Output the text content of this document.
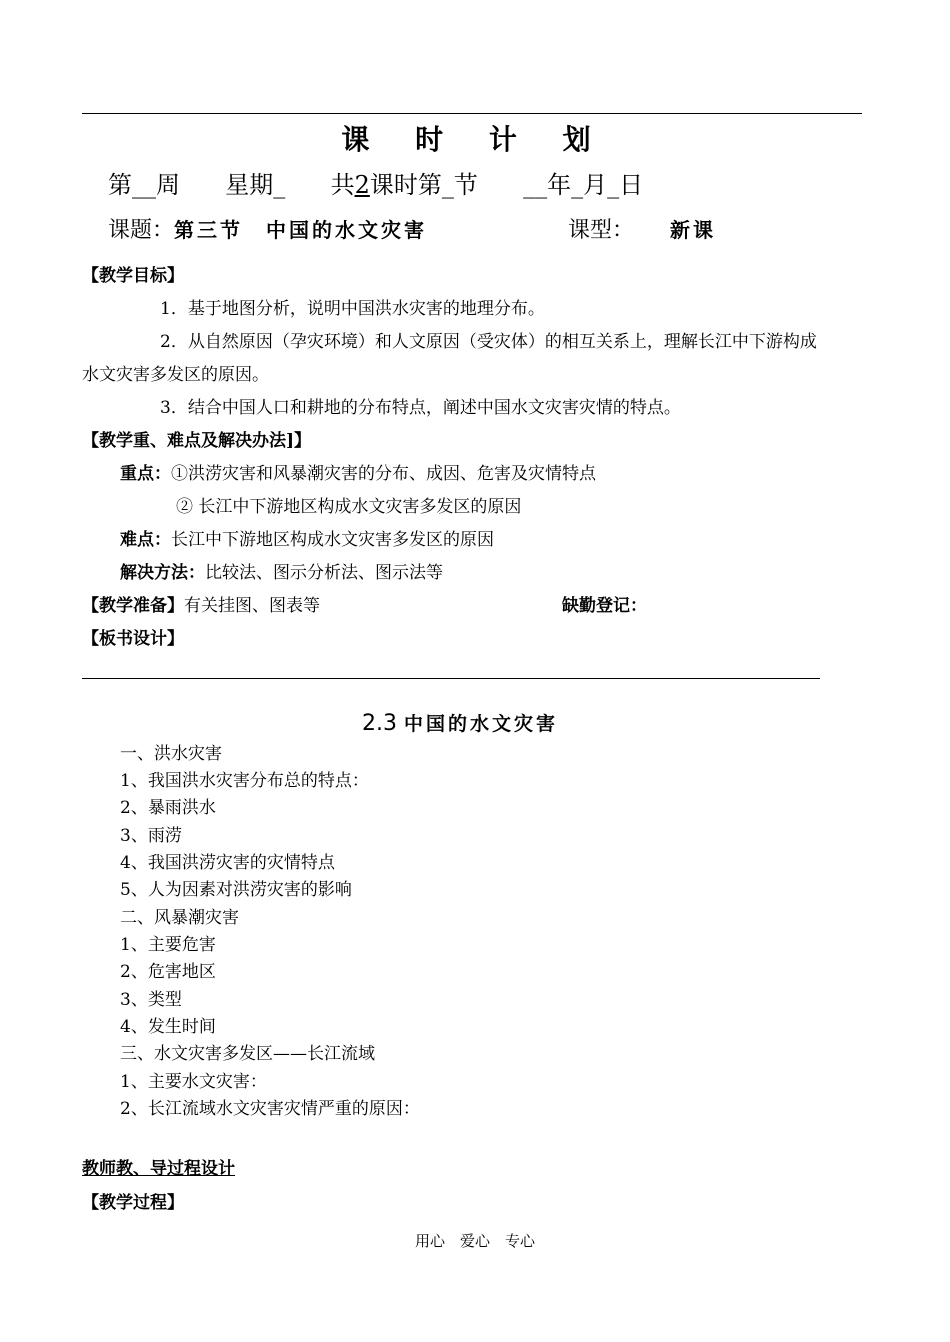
课 时 计 划
第__周 星期_ 共2课时第_节 __年_月_日
课题：第三节　中国的水文灾害	课型： 新课
【教学目标】
1．基于地图分析，说明中国洪水灾害的地理分布。
2．从自然原因（孕灾环境）和人文原因（受灾体）的相互关系上，理解长江中下游构成
水文灾害多发区的原因。
3．结合中国人口和耕地的分布特点，阐述中国水文灾害灾情的特点。
【教学重、难点及解决办法]】
重点：①洪涝灾害和风暴潮灾害的分布、成因、危害及灾情特点
② 长江中下游地区构成水文灾害多发区的原因
难点：长江中下游地区构成水文灾害多发区的原因
解决方法：比较法、图示分析法、图示法等
【教学准备】有关挂图、图表等	缺勤登记：
【板书设计】
2.3 中国的水文灾害
一、洪水灾害
1、我国洪水灾害分布总的特点：
2、暴雨洪水
3、雨涝
4、我国洪涝灾害的灾情特点
5、人为因素对洪涝灾害的影响
二、风暴潮灾害
1、主要危害
2、危害地区
3、类型
4、发生时间
三、水文灾害多发区——长江流域
1、主要水文灾害：
2、长江流域水文灾害灾情严重的原因：
教师教、导过程设计
【教学过程】
用心　爱心　专心
